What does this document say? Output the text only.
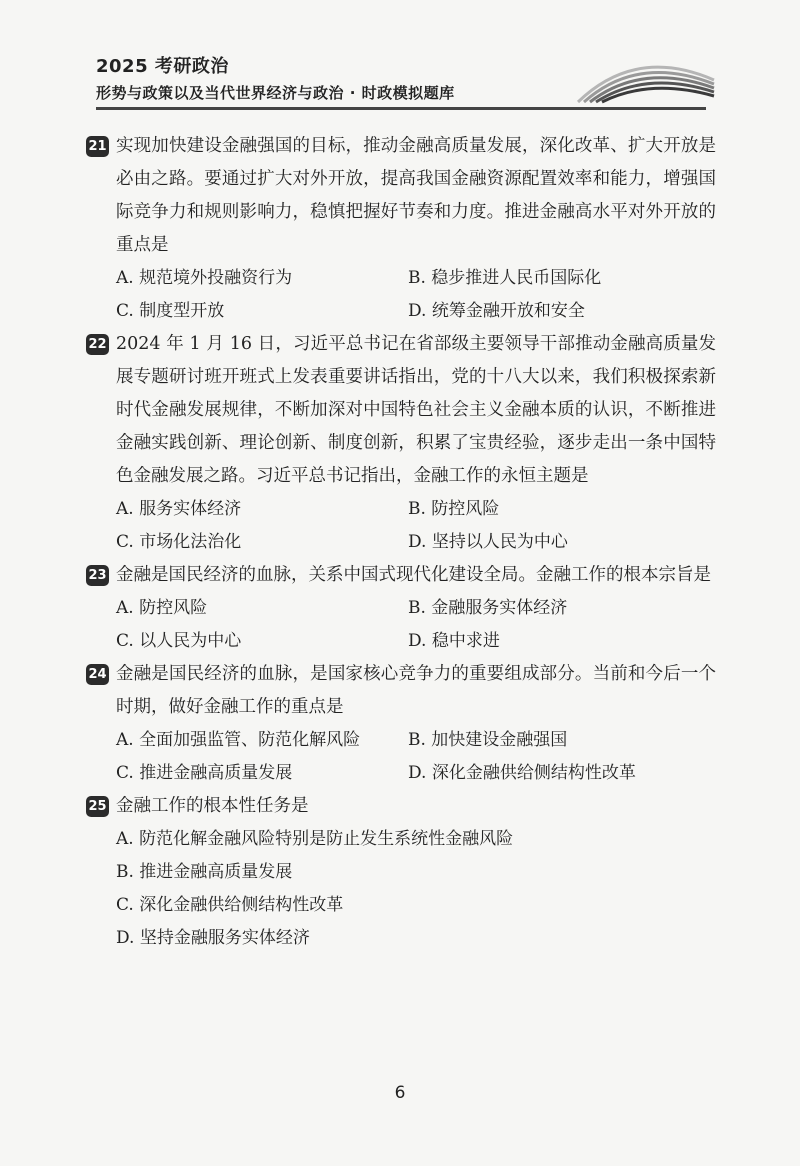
2025 考研政治
形势与政策以及当代世界经济与政治 · 时政模拟题库
21 实现加快建设金融强国的目标，推动金融高质量发展，深化改革、扩大开放是必由之路。要通过扩大对外开放，提高我国金融资源配置效率和能力，增强国际竞争力和规则影响力，稳慎把握好节奏和力度。推进金融高水平对外开放的重点是
A. 规范境外投融资行为	B. 稳步推进人民币国际化
C. 制度型开放	D. 统筹金融开放和安全
22 2024 年 1 月 16 日，习近平总书记在省部级主要领导干部推动金融高质量发展专题研讨班开班式上发表重要讲话指出，党的十八大以来，我们积极探索新时代金融发展规律，不断加深对中国特色社会主义金融本质的认识，不断推进金融实践创新、理论创新、制度创新，积累了宝贵经验，逐步走出一条中国特色金融发展之路。习近平总书记指出，金融工作的永恒主题是
A. 服务实体经济	B. 防控风险
C. 市场化法治化	D. 坚持以人民为中心
23 金融是国民经济的血脉，关系中国式现代化建设全局。金融工作的根本宗旨是
A. 防控风险	B. 金融服务实体经济
C. 以人民为中心	D. 稳中求进
24 金融是国民经济的血脉，是国家核心竞争力的重要组成部分。当前和今后一个时期，做好金融工作的重点是
A. 全面加强监管、防范化解风险	B. 加快建设金融强国
C. 推进金融高质量发展	D. 深化金融供给侧结构性改革
25 金融工作的根本性任务是
A. 防范化解金融风险特别是防止发生系统性金融风险
B. 推进金融高质量发展
C. 深化金融供给侧结构性改革
D. 坚持金融服务实体经济
6
